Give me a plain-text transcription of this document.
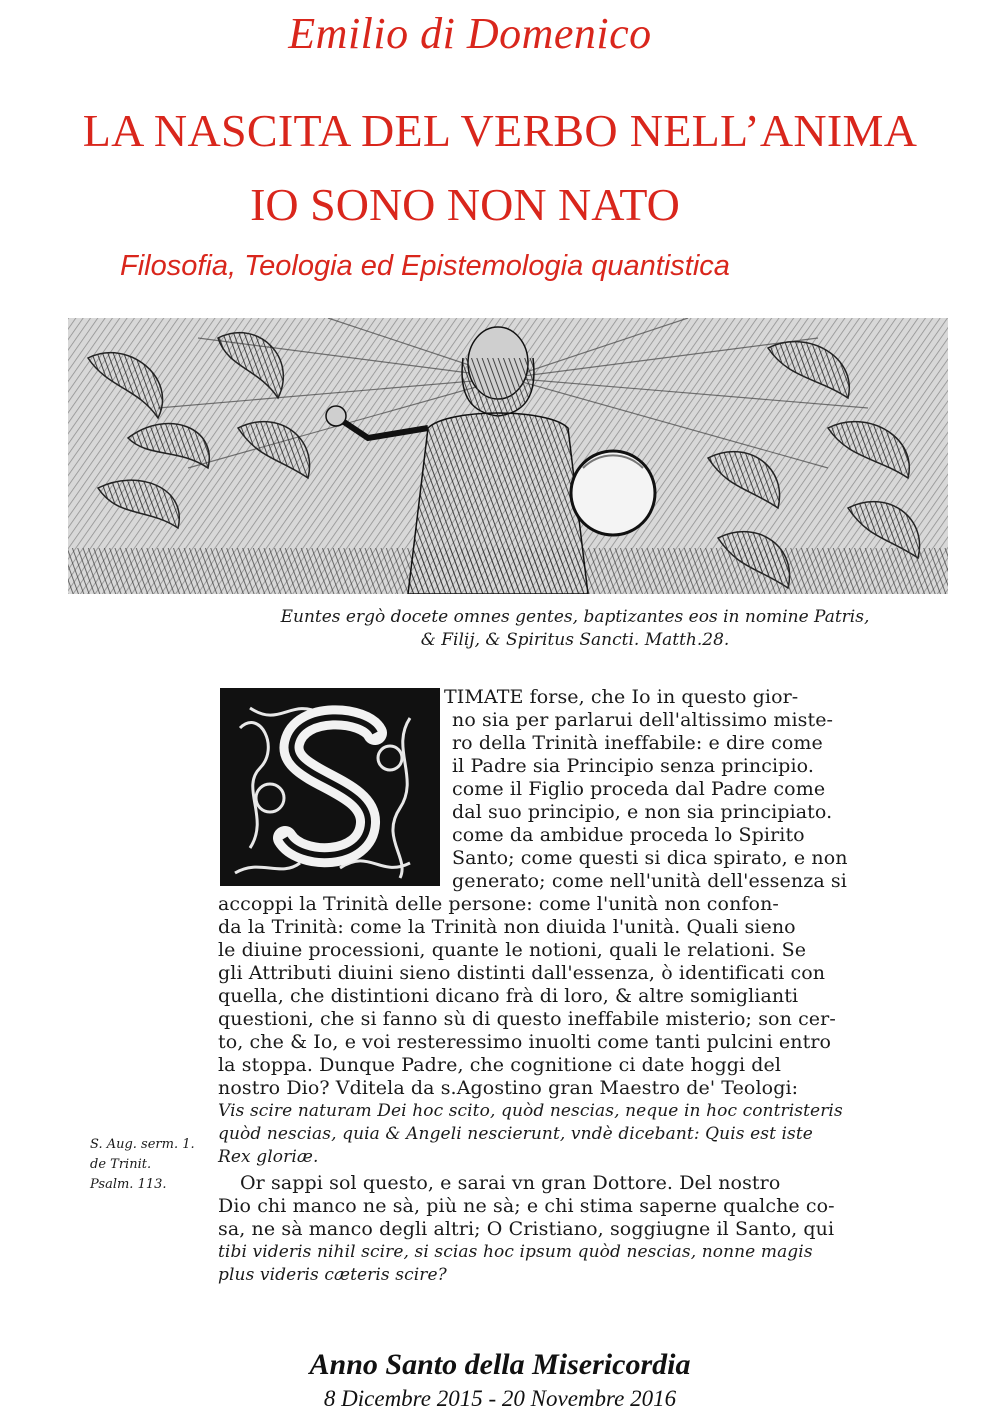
Emilio di Domenico
LA NASCITA DEL VERBO NELL’ANIMA
IO SONO NON NATO
Filosofia, Teologia ed Epistemologia quantistica
Euntes ergò docete omnes gentes, baptizantes eos in nomine Patris,
& Filij, & Spiritus Sancti. Matth.28.
TIMATE forse, che Io in questo gior-
no sia per parlarui dell'altissimo miste-
ro della Trinità ineffabile: e dire come
il Padre sia Principio senza principio.
come il Figlio proceda dal Padre come
dal suo principio, e non sia principiato.
come da ambidue proceda lo Spirito
Santo; come questi si dica spirato, e non
generato; come nell'unità dell'essenza si
accoppi la Trinità delle persone: come l'unità non confon-
da la Trinità: come la Trinità non diuida l'unità. Quali sieno
le diuine processioni, quante le notioni, quali le relationi. Se
gli Attributi diuini sieno distinti dall'essenza, ò identificati con
quella, che distintioni dicano frà di loro, & altre somiglianti
questioni, che si fanno sù di questo ineffabile misterio; son cer-
to, che & Io, e voi resteressimo inuolti come tanti pulcini entro
la stoppa. Dunque Padre, che cognitione ci date hoggi del
nostro Dio? Vditela da s.Agostino gran Maestro de' Teologi:
Vis scire naturam Dei hoc scito, quòd nescias, neque in hoc contristeris
quòd nescias, quia & Angeli nescierunt, vndè dicebant: Quis est iste
Rex gloriæ.
Or sappi sol questo, e sarai vn gran Dottore. Del nostro
Dio chi manco ne sà, più ne sà; e chi stima saperne qualche co-
sa, ne sà manco degli altri; O Cristiano, soggiugne il Santo, qui
tibi videris nihil scire, si scias hoc ipsum quòd nescias, nonne magis
plus videris cæteris scire?
S. Aug. serm. 1.
de Trinit.
Psalm. 113.
Anno Santo della Misericordia
8 Dicembre 2015 - 20 Novembre 2016
